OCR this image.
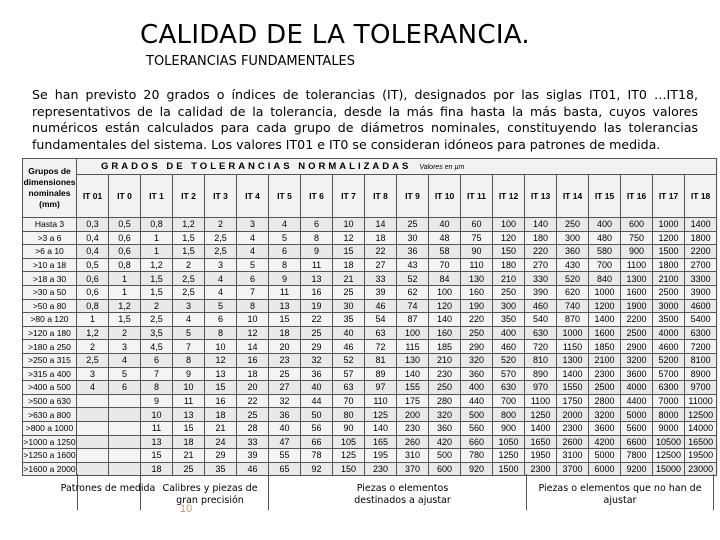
CALIDAD DE LA TOLERANCIA.
TOLERANCIAS FUNDAMENTALES
Se han previsto 20 grados o índices de tolerancias (IT), designados por las siglas IT01, IT0 …IT18, representativos de la calidad de la tolerancia, desde la más fina hasta la más basta, cuyos valores numéricos están calculados para cada grupo de diámetros nominales, constituyendo las tolerancias fundamentales del sistema. Los valores IT01 e IT0 se consideran idóneos para patrones de medida.
Grupos de dimensiones nominales (mm)	GRADOS DE TOLERANCIAS NORMALIZADAS Valores en µm																			
	IT 01	IT 0	IT 1	IT 2	IT 3	IT 4	IT 5	IT 6	IT 7	IT 8	IT 9	IT 10	IT 11	IT 12	IT 13	IT 14	IT 15	IT 16	IT 17	IT 18
Hasta 3	0,3	0,5	0,8	1,2	2	3	4	6	10	14	25	40	60	100	140	250	400	600	1000	1400
>3 a 6	0,4	0,6	1	1,5	2,5	4	5	8	12	18	30	48	75	120	180	300	480	750	1200	1800
>6 a 10	0,4	0,6	1	1,5	2,5	4	6	9	15	22	36	58	90	150	220	360	580	900	1500	2200
>10 a 18	0,5	0,8	1,2	2	3	5	8	11	18	27	43	70	110	180	270	430	700	1100	1800	2700
>18 a 30	0,6	1	1,5	2,5	4	6	9	13	21	33	52	84	130	210	330	520	840	1300	2100	3300
>30 a 50	0,6	1	1,5	2,5	4	7	11	16	25	39	62	100	160	250	390	620	1000	1600	2500	3900
>50 a 80	0,8	1,2	2	3	5	8	13	19	30	46	74	120	190	300	460	740	1200	1900	3000	4600
>80 a 120	1	1,5	2,5	4	6	10	15	22	35	54	87	140	220	350	540	870	1400	2200	3500	5400
>120 a 180	1,2	2	3,5	5	8	12	18	25	40	63	100	160	250	400	630	1000	1600	2500	4000	6300
>180 a 250	2	3	4,5	7	10	14	20	29	46	72	115	185	290	460	720	1150	1850	2900	4600	7200
>250 a 315	2,5	4	6	8	12	16	23	32	52	81	130	210	320	520	810	1300	2100	3200	5200	8100
>315 a 400	3	5	7	9	13	18	25	36	57	89	140	230	360	570	890	1400	2300	3600	5700	8900
>400 a 500	4	6	8	10	15	20	27	40	63	97	155	250	400	630	970	1550	2500	4000	6300	9700
>500 a 630			9	11	16	22	32	44	70	110	175	280	440	700	1100	1750	2800	4400	7000	11000
>630 a 800			10	13	18	25	36	50	80	125	200	320	500	800	1250	2000	3200	5000	8000	12500
>800 a 1000			11	15	21	28	40	56	90	140	230	360	560	900	1400	2300	3600	5600	9000	14000
>1000 a 1250			13	18	24	33	47	66	105	165	260	420	660	1050	1650	2600	4200	6600	10500	16500
>1250 a 1600			15	21	29	39	55	78	125	195	310	500	780	1250	1950	3100	5000	7800	12500	19500
>1600 a 2000			18	25	35	46	65	92	150	230	370	600	920	1500	2300	3700	6000	9200	15000	23000

Patrones de medida Calibres y piezas de gran precisión
Piezas o elementos destinados a ajustar
Piezas o elementos que no han de ajustar
10
